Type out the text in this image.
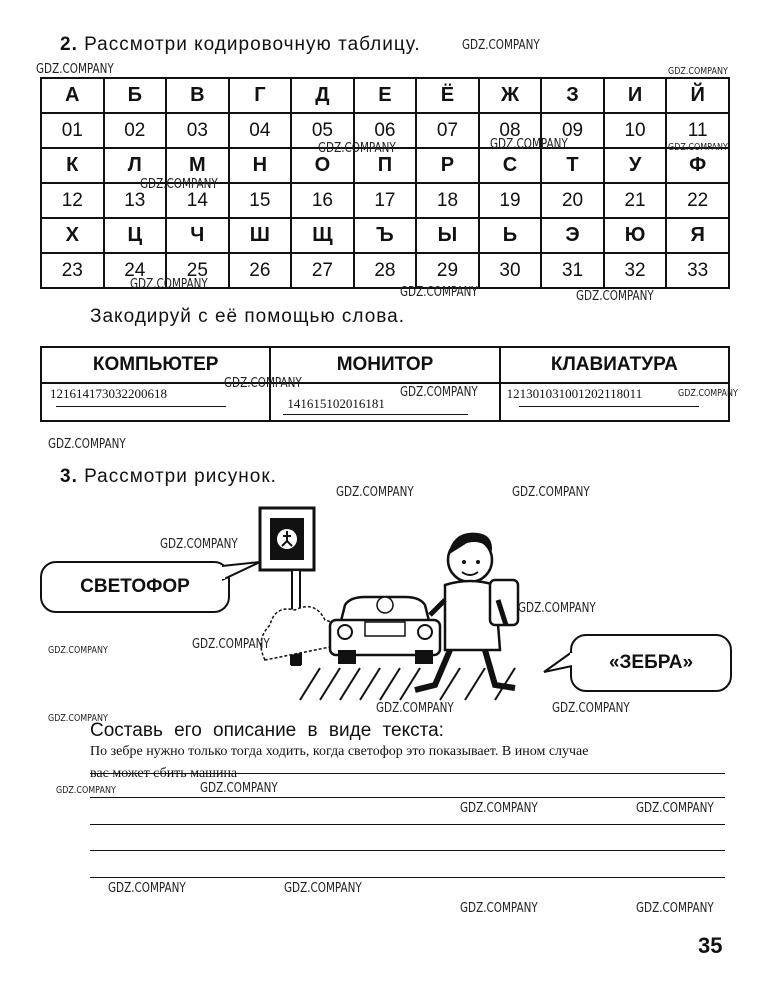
2. Рассмотри кодировочную таблицу.
А	Б	В	Г	Д	Е	Ё	Ж	З	И	Й
01	02	03	04	05	06	07	08	09	10	11
К	Л	М	Н	О	П	Р	С	Т	У	Ф
12	13	14	15	16	17	18	19	20	21	22
Х	Ц	Ч	Ш	Щ	Ъ	Ы	Ь	Э	Ю	Я
23	24	25	26	27	28	29	30	31	32	33
Закодируй с её помощью слова.
КОМПЬЮТЕР	МОНИТОР	КЛАВИАТУРА

121614173032200618	141615102016181	121301031001202118011
3. Рассмотри рисунок.
СВЕТОФОР
«ЗЕБРА»
Составь его описание в виде текста:
По зебре нужно только тогда ходить, когда светофор это показывает. В ином случае
вас может сбить машина
35
GDZ.COMPANY
GDZ.COMPANY	GDZ.COMPANY
GDZ.COMPANY	GDZ.COMPANY	GDZ.COMPANY
GDZ.COMPANY
GDZ.COMPANY
GDZ.COMPANY	GDZ.COMPANY
GDZ.COMPANY
GDZ.COMPANY	GDZ.COMPANY
GDZ.COMPANY
GDZ.COMPANY	GDZ.COMPANY
GDZ.COMPANY
GDZ.COMPANY
GDZ.COMPANY
GDZ.COMPANY
GDZ.COMPANY
GDZ.COMPANY	GDZ.COMPANY
GDZ.COMPANY	GDZ.COMPANY
GDZ.COMPANY	GDZ.COMPANY
GDZ.COMPANY	GDZ.COMPANY
GDZ.COMPANY	GDZ.COMPANY
